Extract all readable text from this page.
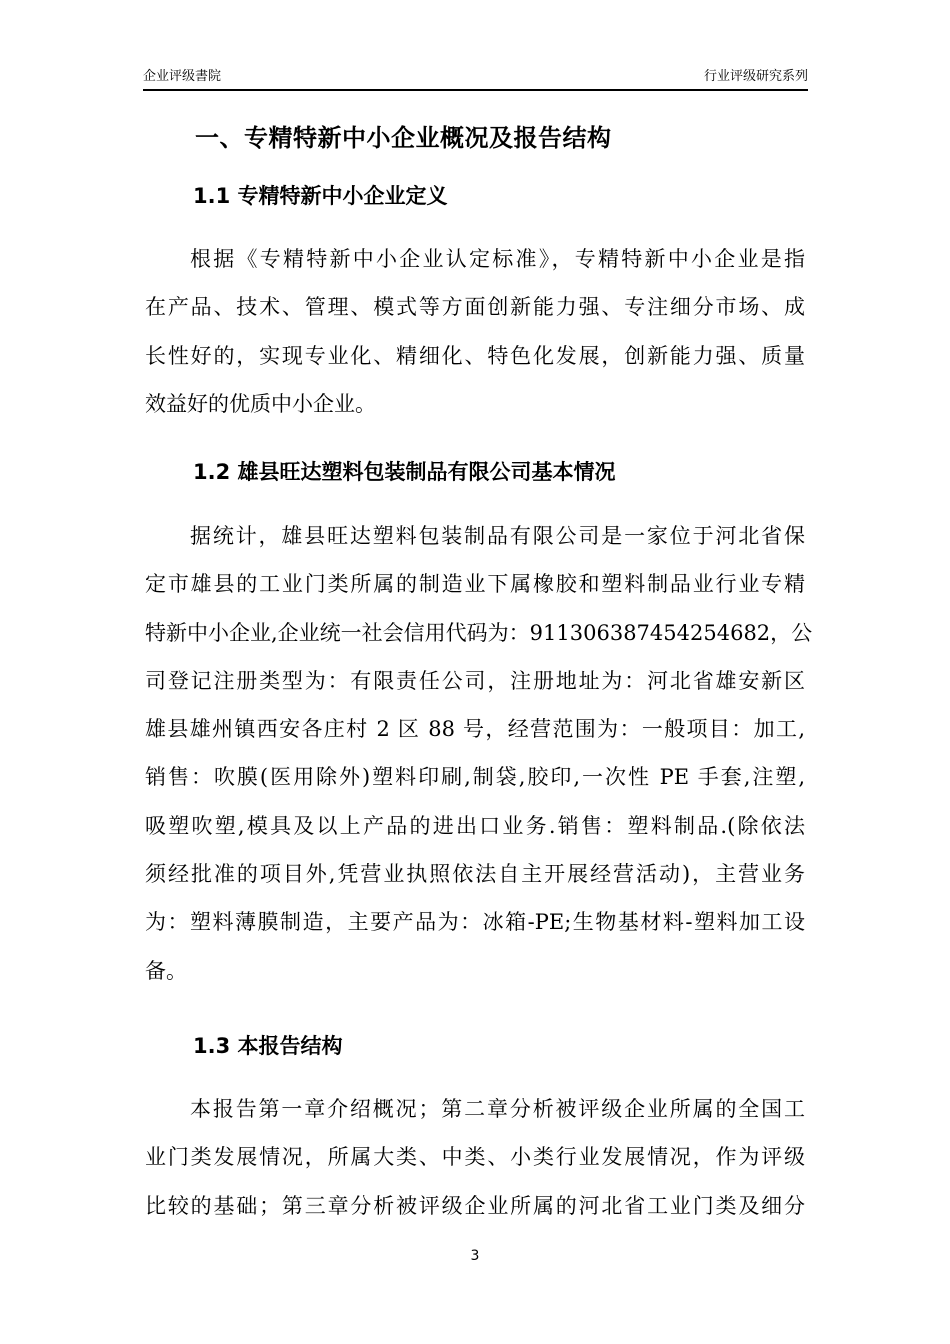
企业评级書院	行业评级研究系列
一、专精特新中小企业概况及报告结构
1.1 专精特新中小企业定义
根据《专精特新中小企业认定标准》，专精特新中小企业是指
在产品、技术、管理、模式等方面创新能力强、专注细分市场、成
长性好的，实现专业化、精细化、特色化发展，创新能力强、质量
效益好的优质中小企业。
1.2 雄县旺达塑料包装制品有限公司基本情况
据统计，雄县旺达塑料包装制品有限公司是一家位于河北省保
定市雄县的工业门类所属的制造业下属橡胶和塑料制品业行业专精
特新中小企业,企业统一社会信用代码为：911306387454254682，公
司登记注册类型为：有限责任公司，注册地址为：河北省雄安新区
雄县雄州镇西安各庄村 2 区 88 号，经营范围为：一般项目：加工,
销售：吹膜(医用除外)塑料印刷,制袋,胶印,一次性 PE 手套,注塑,
吸塑吹塑,模具及以上产品的进出口业务.销售：塑料制品.(除依法
须经批准的项目外,凭营业执照依法自主开展经营活动)，主营业务
为：塑料薄膜制造，主要产品为：冰箱-PE;生物基材料-塑料加工设
备。
1.3 本报告结构
本报告第一章介绍概况；第二章分析被评级企业所属的全国工
业门类发展情况，所属大类、中类、小类行业发展情况，作为评级
比较的基础；第三章分析被评级企业所属的河北省工业门类及细分
3
